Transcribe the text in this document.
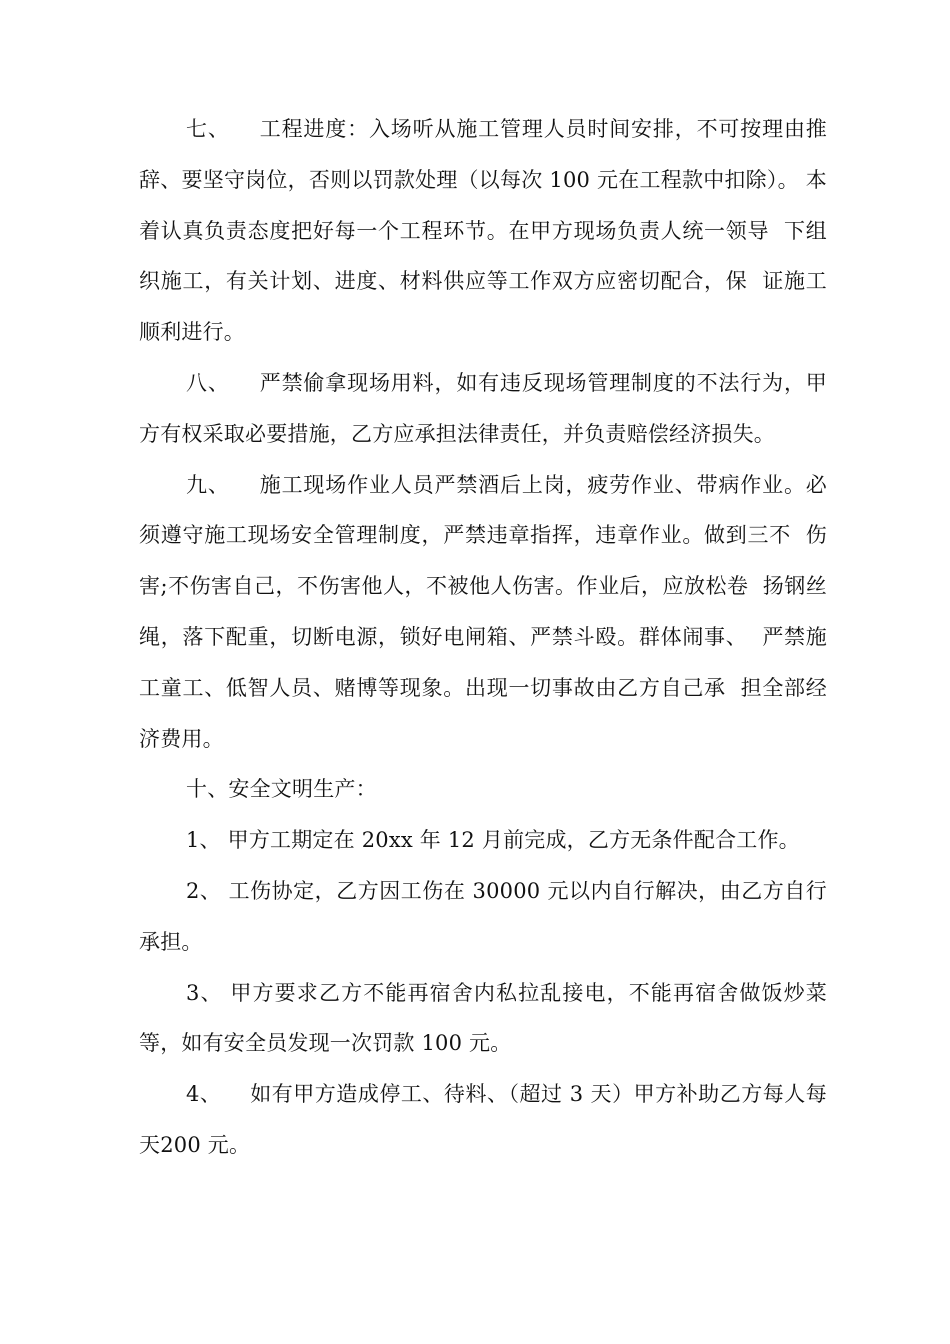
七、    工程进度：入场听从施工管理人员时间安排，不可按理由推  辞、要坚守岗位，否则以罚款处理（以每次 100 元在工程款中扣除）。 本着认真负责态度把好每一个工程环节。在甲方现场负责人统一领导  下组织施工，有关计划、进度、材料供应等工作双方应密切配合，保  证施工顺利进行。

八、    严禁偷拿现场用料，如有违反现场管理制度的不法行为，甲  方有权采取必要措施，乙方应承担法律责任，并负责赔偿经济损失。

九、    施工现场作业人员严禁酒后上岗，疲劳作业、带病作业。必  须遵守施工现场安全管理制度，严禁违章指挥，违章作业。做到三不  伤害;不伤害自己，不伤害他人，不被他人伤害。作业后，应放松卷  扬钢丝绳，落下配重，切断电源，锁好电闸箱、严禁斗殴。群体闹事、  严禁施工童工、低智人员、赌博等现象。出现一切事故由乙方自己承  担全部经济费用。

十、安全文明生产：

1、 甲方工期定在 20xx 年 12 月前完成，乙方无条件配合工作。

2、 工伤协定，乙方因工伤在 30000 元以内自行解决，由乙方自行承担。

3、 甲方要求乙方不能再宿舍内私拉乱接电，不能再宿舍做饭炒菜等，如有安全员发现一次罚款 100 元。

4、    如有甲方造成停工、待料、（超过 3 天）甲方补助乙方每人每  天200 元。
